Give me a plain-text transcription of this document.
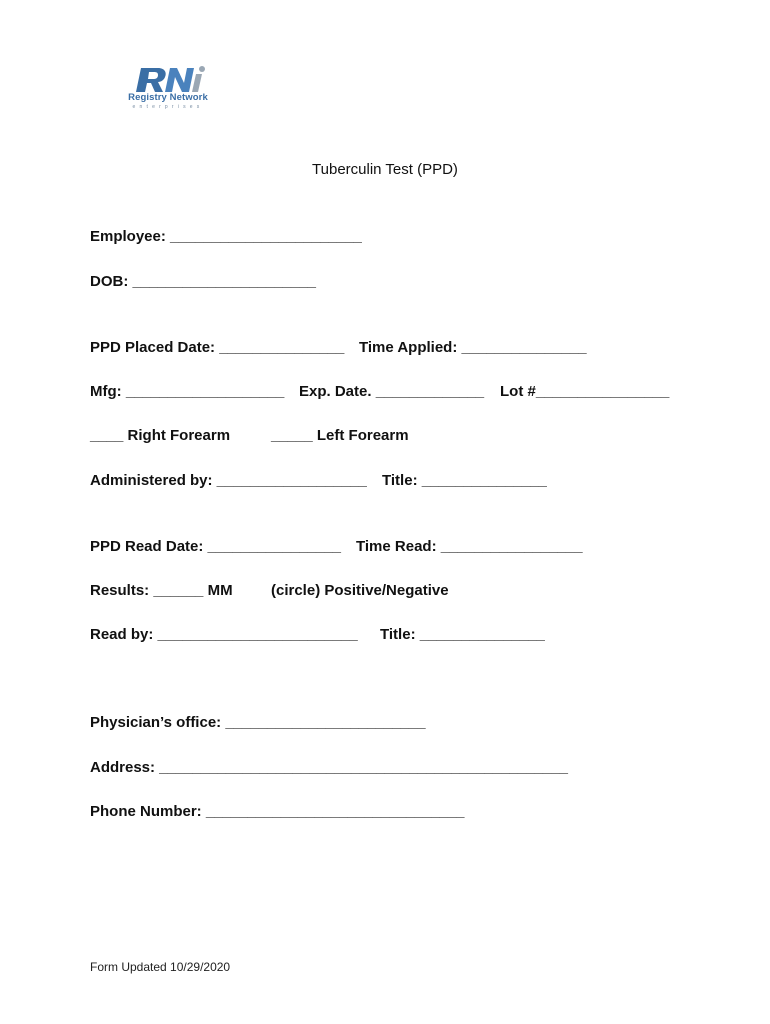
Registry Network
enterprises
Tuberculin Test (PPD)

Employee: _______________________

DOB: ______________________

PPD Placed Date: _______________

Time Applied: _______________

Mfg: ___________________

Exp. Date. _____________

Lot #________________

____ Right Forearm

	_____ Left Forearm

Administered by: __________________

Title: _______________

PPD Read Date: ________________

Time Read: _________________

Results: ______ MM

	(circle) Positive/Negative

Read by: ________________________

Title: _______________

Physician’s office: ________________________

Address: _________________________________________________

Phone Number: _______________________________

Form Updated 10/29/2020
